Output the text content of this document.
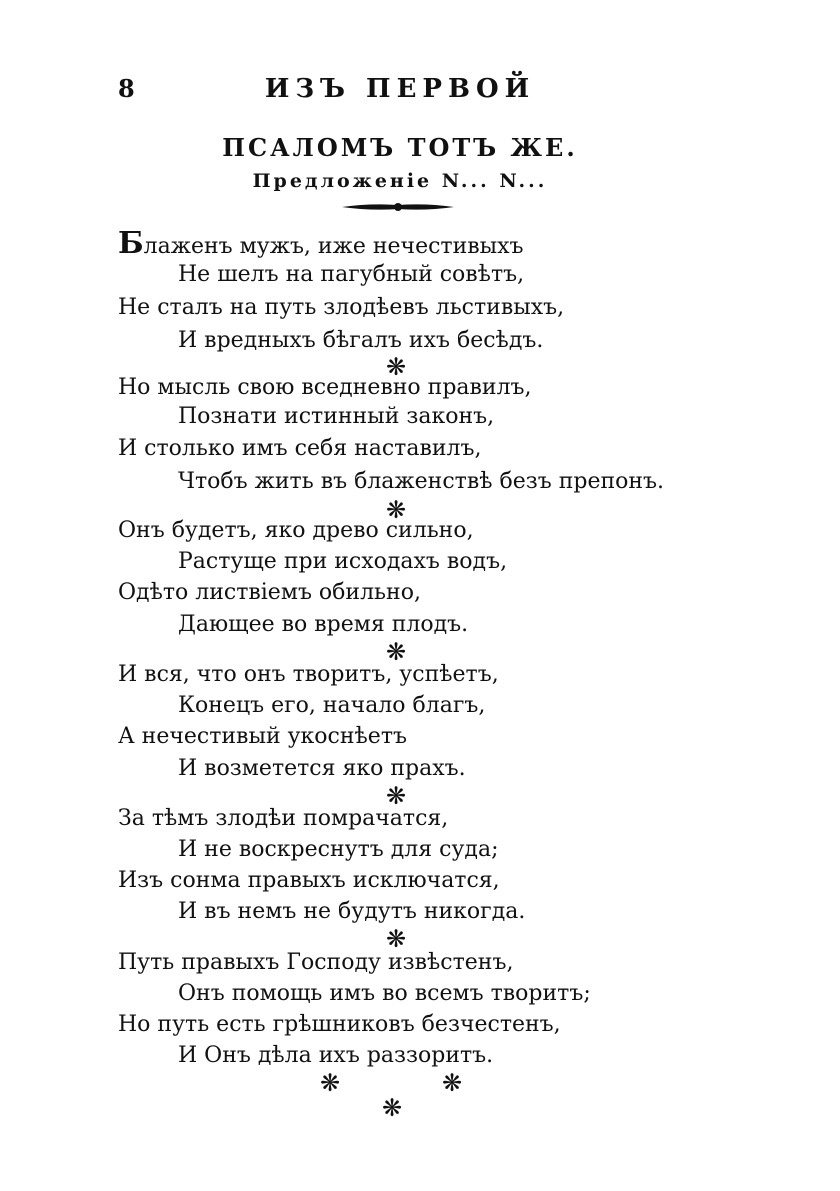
8	ИЗЪ ПЕРВОЙ
ПСАЛОМЪ ТОТЪ ЖЕ.
Предложеніе N... N...
Блаженъ мужъ, иже нечестивыхъ
Не шелъ на пагубный совѣтъ,
Не сталъ на путь злодѣевъ льстивыхъ,
И вредныхъ бѣгалъ ихъ бесѣдъ.
❋
Но мысль свою вседневно правилъ,
Познати истинный законъ,
И столько имъ себя наставилъ,
Чтобъ жить въ блаженствѣ безъ препонъ.
❋
Онъ будетъ, яко древо сильно,
Растуще при исходахъ водъ,
Одѣто листвіемъ обильно,
Дающее во время плодъ.
❋
И вся, что онъ творитъ, успѣетъ,
Конецъ его, начало благъ,
А нечестивый укоснѣетъ
И возметется яко прахъ.
❋
За тѣмъ злодѣи помрачатся,
И не воскреснутъ для суда;
Изъ сонма правыхъ исключатся,
И въ немъ не будутъ никогда.
❋
Путь правыхъ Господу извѣстенъ,
Онъ помощь имъ во всемъ творитъ;
Но путь есть грѣшниковъ безчестенъ,
И Онъ дѣла ихъ раззоритъ.
❋	❋
❋
